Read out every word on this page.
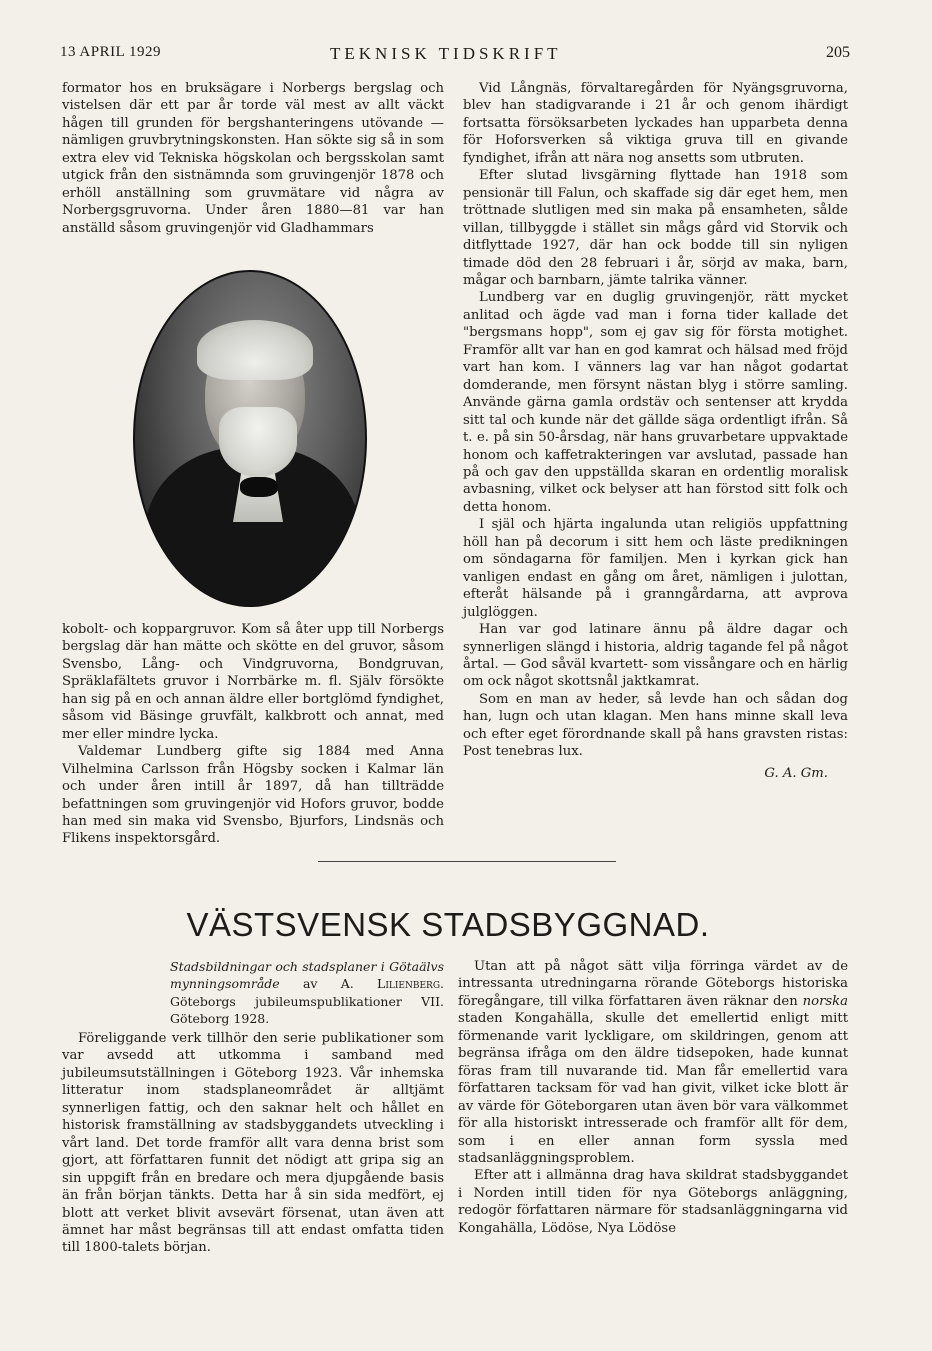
13 APRIL 1929	TEKNISK TIDSKRIFT	205

formator hos en bruksägare i Norbergs bergslag och vistelsen där ett par år torde väl mest av allt väckt hågen till grunden för bergshanteringens utövande — nämligen gruvbrytningskonsten. Han sökte sig så in som extra elev vid Tekniska högskolan och bergsskolan samt utgick från den sistnämnda som gruvingenjör 1878 och erhöll anställning som gruvmätare vid några av Norbergsgruvorna. Under åren 1880—81 var han anställd såsom gruvingenjör vid Gladhammars

kobolt- och koppargruvor. Kom så åter upp till Norbergs bergslag där han mätte och skötte en del gruvor, såsom Svensbo, Lång- och Vindgruvorna, Bondgruvan, Spräklafältets gruvor i Norrbärke m. fl. Själv försökte han sig på en och annan äldre eller bortglömd fyndighet, såsom vid Bäsinge gruvfält, kalkbrott och annat, med mer eller mindre lycka.

Valdemar Lundberg gifte sig 1884 med Anna Vilhelmina Carlsson från Högsby socken i Kalmar län och under åren intill år 1897, då han tillträdde befattningen som gruvingenjör vid Hofors gruvor, bodde han med sin maka vid Svensbo, Bjurfors, Lindsnäs och Flikens inspektorsgård.

Vid Långnäs, förvaltaregården för Nyängsgruvorna, blev han stadigvarande i 21 år och genom ihärdigt fortsatta försöksarbeten lyckades han upparbeta denna för Hoforsverken så viktiga gruva till en givande fyndighet, ifrån att nära nog ansetts som utbruten.

Efter slutad livsgärning flyttade han 1918 som pensionär till Falun, och skaffade sig där eget hem, men tröttnade slutligen med sin maka på ensamheten, sålde villan, tillbyggde i stället sin mågs gård vid Storvik och ditflyttade 1927, där han ock bodde till sin nyligen timade död den 28 februari i år, sörjd av maka, barn, mågar och barnbarn, jämte talrika vänner.

Lundberg var en duglig gruvingenjör, rätt mycket anlitad och ägde vad man i forna tider kallade det "bergsmans hopp", som ej gav sig för första motighet. Framför allt var han en god kamrat och hälsad med fröjd vart han kom. I vänners lag var han något godartat domderande, men försynt nästan blyg i större samling. Använde gärna gamla ordstäv och sentenser att krydda sitt tal och kunde när det gällde säga ordentligt ifrån. Så t. e. på sin 50-årsdag, när hans gruvarbetare uppvaktade honom och kaffetrakteringen var avslutad, passade han på och gav den uppställda skaran en ordentlig moralisk avbasning, vilket ock belyser att han förstod sitt folk och detta honom.

I själ och hjärta ingalunda utan religiös uppfattning höll han på decorum i sitt hem och läste predikningen om söndagarna för familjen. Men i kyrkan gick han vanligen endast en gång om året, nämligen i julottan, efteråt hälsande på i granngårdarna, att avprova julglöggen.

Han var god latinare ännu på äldre dagar och synnerligen slängd i historia, aldrig tagande fel på något årtal. — God såväl kvartett- som vissångare och en härlig om ock något skottsnål jaktkamrat.

Som en man av heder, så levde han och sådan dog han, lugn och utan klagan. Men hans minne skall leva och efter eget förordnande skall på hans gravsten ristas: Post tenebras lux.

G. A. Gm.
VÄSTSVENSK STADSBYGGNAD.
Stadsbildningar och stadsplaner i Götaälvs mynningsområde av A. Lilienberg. Göteborgs jubileumspublikationer VII. Göteborg 1928.

Föreliggande verk tillhör den serie publikationer som var avsedd att utkomma i samband med jubileumsutställningen i Göteborg 1923. Vår inhemska litteratur inom stadsplaneområdet är alltjämt synnerligen fattig, och den saknar helt och hållet en historisk framställning av stadsbyggandets utveckling i vårt land. Det torde framför allt vara denna brist som gjort, att författaren funnit det nödigt att gripa sig an sin uppgift från en bredare och mera djupgående basis än från början tänkts. Detta har å sin sida medfört, ej blott att verket blivit avsevärt försenat, utan även att ämnet har måst begränsas till att endast omfatta tiden till 1800-talets början.

Utan att på något sätt vilja förringa värdet av de intressanta utredningarna rörande Göteborgs historiska föregångare, till vilka författaren även räknar den norska staden Kongahälla, skulle det emellertid enligt mitt förmenande varit lyckligare, om skildringen, genom att begränsa ifråga om den äldre tidsepoken, hade kunnat föras fram till nuvarande tid. Man får emellertid vara författaren tacksam för vad han givit, vilket icke blott är av värde för Göteborgaren utan även bör vara välkommet för alla historiskt intresserade och framför allt för dem, som i en eller annan form syssla med stadsanläggningsproblem.

Efter att i allmänna drag hava skildrat stadsbyggandet i Norden intill tiden för nya Göteborgs anläggning, redogör författaren närmare för stadsanläggningarna vid Kongahälla, Lödöse, Nya Lödöse
